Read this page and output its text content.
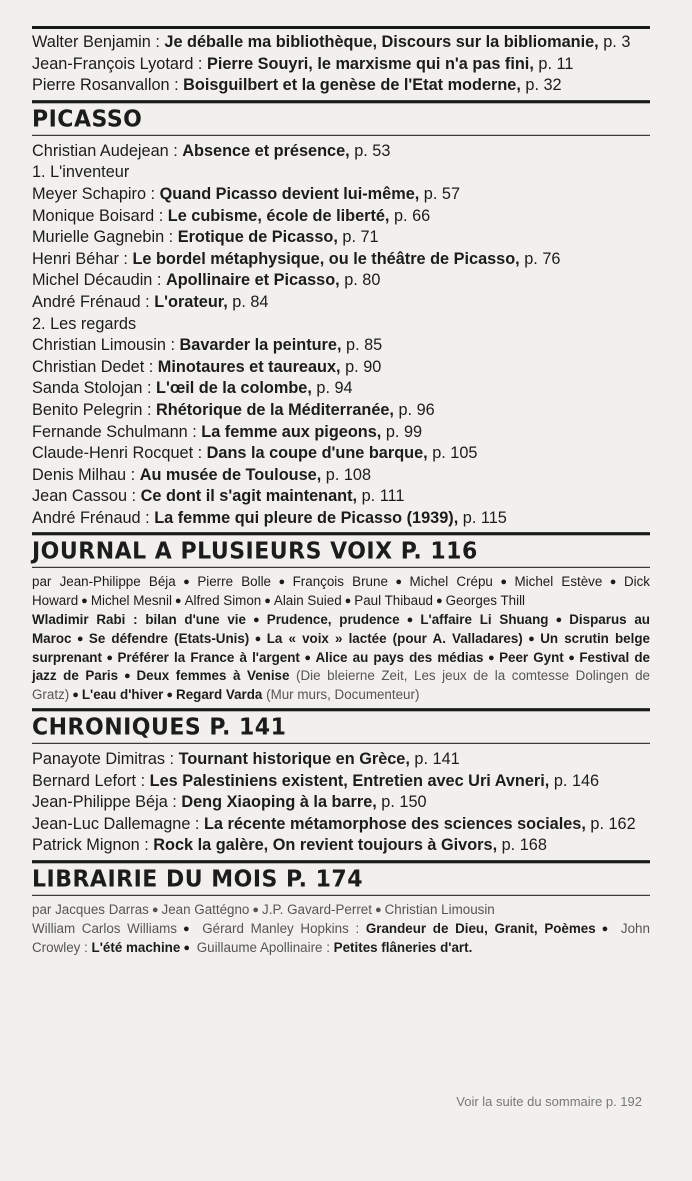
Walter Benjamin : Je déballe ma bibliothèque, Discours sur la bibliomanie, p. 3
Jean-François Lyotard : Pierre Souyri, le marxisme qui n'a pas fini, p. 11
Pierre Rosanvallon : Boisguilbert et la genèse de l'Etat moderne, p. 32
PICASSO
Christian Audejean : Absence et présence, p. 53
1. L'inventeur
Meyer Schapiro : Quand Picasso devient lui-même, p. 57
Monique Boisard : Le cubisme, école de liberté, p. 66
Murielle Gagnebin : Erotique de Picasso, p. 71
Henri Béhar : Le bordel métaphysique, ou le théâtre de Picasso, p. 76
Michel Décaudin : Apollinaire et Picasso, p. 80
André Frénaud : L'orateur, p. 84
2. Les regards
Christian Limousin : Bavarder la peinture, p. 85
Christian Dedet : Minotaures et taureaux, p. 90
Sanda Stolojan : L'œil de la colombe, p. 94
Benito Pelegrin : Rhétorique de la Méditerranée, p. 96
Fernande Schulmann : La femme aux pigeons, p. 99
Claude-Henri Rocquet : Dans la coupe d'une barque, p. 105
Denis Milhau : Au musée de Toulouse, p. 108
Jean Cassou : Ce dont il s'agit maintenant, p. 111
André Frénaud : La femme qui pleure de Picasso (1939), p. 115
JOURNAL A PLUSIEURS VOIX P. 116
par Jean-Philippe Béja ● Pierre Bolle ● François Brune ● Michel Crépu ● Michel Estève ● Dick Howard ● Michel Mesnil ● Alfred Simon ● Alain Suied ● Paul Thibaud ● Georges Thill
Wladimir Rabi : bilan d'une vie ● Prudence, prudence ● L'affaire Li Shuang ● Disparus au Maroc ● Se défendre (Etats-Unis) ● La « voix » lactée (pour A. Valladares) ● Un scrutin belge surprenant ● Préférer la France à l'argent ● Alice au pays des médias ● Peer Gynt ● Festival de jazz de Paris ● Deux femmes à Venise (Die bleierne Zeit, Les jeux de la comtesse Dolingen de Gratz) ● L'eau d'hiver ● Regard Varda (Mur murs, Documenteur)
CHRONIQUES P. 141
Panayote Dimitras : Tournant historique en Grèce, p. 141
Bernard Lefort : Les Palestiniens existent, Entretien avec Uri Avneri, p. 146
Jean-Philippe Béja : Deng Xiaoping à la barre, p. 150
Jean-Luc Dallemagne : La récente métamorphose des sciences sociales, p. 162
Patrick Mignon : Rock la galère, On revient toujours à Givors, p. 168
LIBRAIRIE DU MOIS P. 174
par Jacques Darras ● Jean Gattégno ● J.P. Gavard-Perret ● Christian Limousin
William Carlos Williams ● Gérard Manley Hopkins : Grandeur de Dieu, Granit, Poèmes ● John Crowley : L'été machine ● Guillaume Apollinaire : Petites flâneries d'art.
Voir la suite du sommaire p. 192
